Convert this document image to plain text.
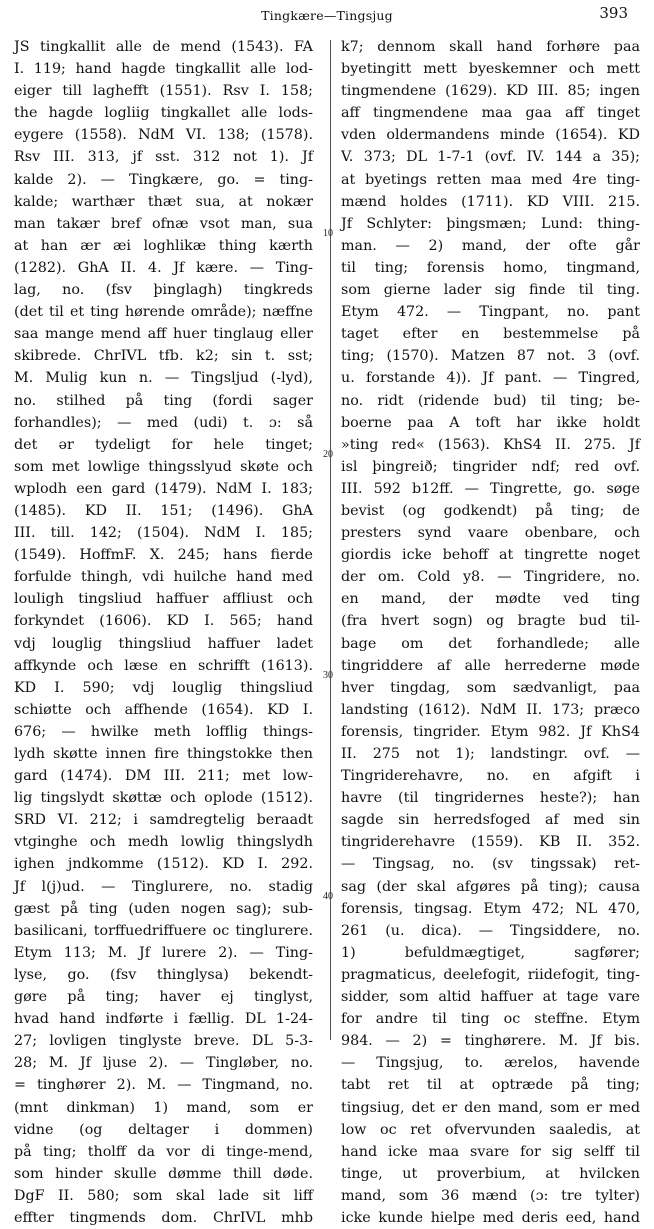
Tingkære—Tingsjug	393
JS tingkallit alle de mend (1543). FA
I. 119; hand hagde tingkallit alle lod-
eiger till laghefft (1551). Rsv I. 158;
the hagde logliig tingkallet alle lods-
eygere (1558). NdM VI. 138; (1578).
Rsv III. 313, jf sst. 312 not 1). Jf
kalde 2). — Tingkære, go. = ting-
kalde; warthær thæt sua, at nokær
man takær bref ofnæ vsot man, sua
at han ær æi loghlikæ thing kærth
(1282). GhA II. 4. Jf kære. — Ting-
lag, no. (fsv þinglagh) tingkreds
(det til et ting hørende område); næffne
saa mange mend aff huer tinglaug eller
skibrede. ChrIVL tfb. k2; sin t. sst;
M. Mulig kun n. — Tingsljud (-lyd),
no. stilhed på ting (fordi sager
forhandles); — med (udi) t. ɔ: så
det ər tydeligt for hele tinget;
som met lowlige thingsslyud skøte och
wplodh een gard (1479). NdM I. 183;
(1485). KD II. 151; (1496). GhA
III. till. 142; (1504). NdM I. 185;
(1549). HoffmF. X. 245; hans fierde
forfulde thingh, vdi huilche hand med
louligh tingsliud haffuer affliust och
forkyndet (1606). KD I. 565; hand
vdj louglig thingsliud haffuer ladet
affkynde och læse en schrifft (1613).
KD I. 590; vdj louglig thingsliud
schiøtte och affhende (1654). KD I.
676; — hwilke meth lofflig things-
lydh skøtte innen fire thingstokke then
gard (1474). DM III. 211; met low-
lig tingslydt skøttæ och oplode (1512).
SRD VI. 212; i samdregtelig beraadt
vtginghe och medh lowlig thingslydh
ighen jndkomme (1512). KD I. 292.
Jf l(j)ud. — Tinglurere, no. stadig
gæst på ting (uden nogen sag); sub-
basilicani, torffuedriffuere oc tinglurere.
Etym 113; M. Jf lurere 2). — Ting-
lyse, go. (fsv thinglysa) bekendt-
gøre på ting; haver ej tinglyst,
hvad hand indførte i fællig. DL 1-24-
27; lovligen tinglyste breve. DL 5-3-
28; M. Jf ljuse 2). — Tingløber, no.
= tinghører 2). M. — Tingmand, no.
(mnt dinkman) 1) mand, som er
vidne (og deltager i dommen)
på ting; tholff da vor di tinge-mend,
som hinder skulle dømme thill døde.
DgF II. 580; som skal lade sit liff
effter tingmends dom. ChrIVL mhb
k7; dennom skall hand forhøre paa
byetingitt mett byeskemner och mett
tingmendene (1629). KD III. 85; ingen
aff tingmendene maa gaa aff tinget
vden oldermandens minde (1654). KD
V. 373; DL 1-7-1 (ovf. IV. 144 a 35);
at byetings retten maa med 4re ting-
mænd holdes (1711). KD VIII. 215.
Jf Schlyter: þingsmæn; Lund: thing-
man. — 2) mand, der ofte går
til ting; forensis homo, tingmand,
som gierne lader sig finde til ting.
Etym 472. — Tingpant, no. pant
taget efter en bestemmelse på
ting; (1570). Matzen 87 not. 3 (ovf.
u. forstande 4)). Jf pant. — Tingred,
no. ridt (ridende bud) til ting; be-
boerne paa A toft har ikke holdt
»ting red« (1563). KhS4 II. 275. Jf
isl þingreið; tingrider ndf; red ovf.
III. 592 b12ff. — Tingrette, go. søge
bevist (og godkendt) på ting; de
presters synd vaare obenbare, och
giordis icke behoff at tingrette noget
der om. Cold y8. — Tingridere, no.
en mand, der mødte ved ting
(fra hvert sogn) og bragte bud til-
bage om det forhandlede; alle
tingriddere af alle herrederne møde
hver tingdag, som sædvanligt, paa
landsting (1612). NdM II. 173; præco
forensis, tingrider. Etym 982. Jf KhS4
II. 275 not 1); landstingr. ovf. —
Tingriderehavre, no. en afgift i
havre (til tingridernes heste?); han
sagde sin herredsfoged af med sin
tingriderehavre (1559). KB II. 352.
— Tingsag, no. (sv tingssak) ret-
sag (der skal afgøres på ting); causa
forensis, tingsag. Etym 472; NL 470,
261 (u. dica). — Tingsiddere, no.
1) befuldmægtiget, sagfører;
pragmaticus, deelefogit, riidefogit, ting-
sidder, som altid haffuer at tage vare
for andre til ting oc steffne. Etym
984. — 2) = tinghørere. M. Jf bis.
— Tingsjug, to. ærelos, havende
tabt ret til at optræde på ting;
tingsiug, det er den mand, som er med
low oc ret ofvervunden saaledis, at
hand icke maa svare for sig selff til
tinge, ut proverbium, at hvilcken
mand, som 36 mænd (ɔ: tre tylter)
icke kunde hielpe med deris eed, hand
10
20
30
40
